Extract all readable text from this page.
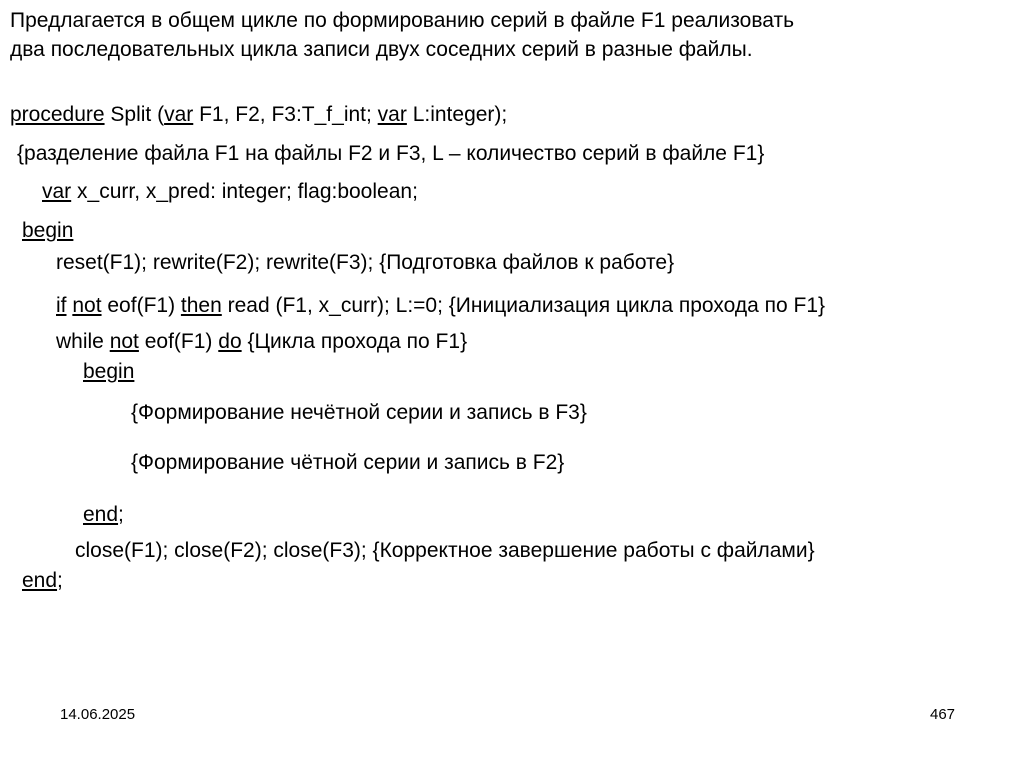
Предлагается в общем цикле по формированию серий в файле F1 реализовать
два последовательных цикла записи двух соседних серий в разные файлы.

procedure Split (var F1, F2, F3:T_f_int; var L:integer);
{разделение файла F1 на файлы F2 и F3, L – количество серий в файле F1}
var x_curr, x_pred: integer; flag:boolean;
begin
reset(F1); rewrite(F2); rewrite(F3); {Подготовка файлов к работе}
if not eof(F1) then read (F1, x_curr); L:=0; {Инициализация цикла прохода по F1}
while not eof(F1) do {Цикла прохода по F1}
begin
{Формирование нечётной серии и запись в F3}
{Формирование чётной серии и запись в F2}
end;
close(F1); close(F2); close(F3); {Корректное завершение работы с файлами}
end;
14.06.2025	467
